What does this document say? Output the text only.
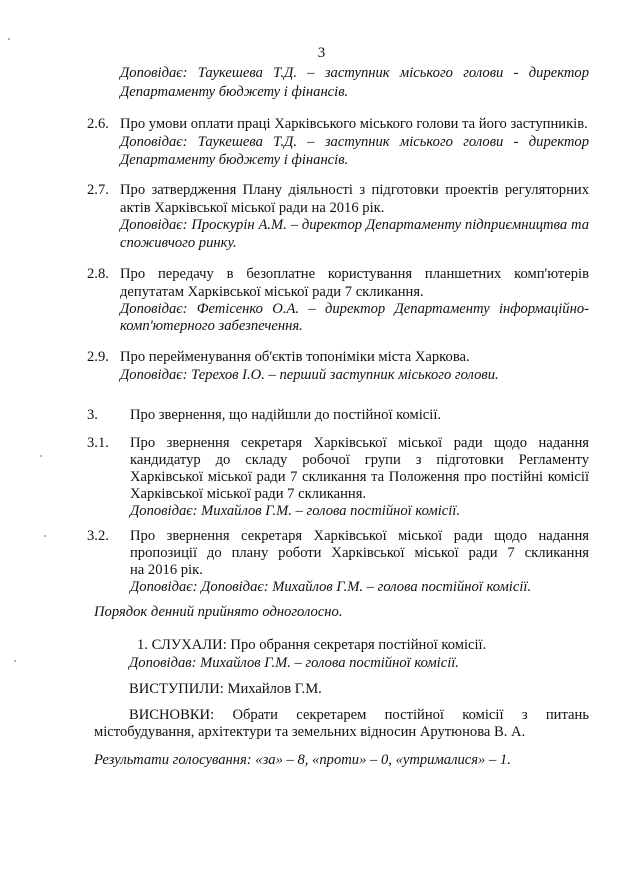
3
Доповідає: Таукешева Т.Д. – заступник міського голови - директор
Департаменту бюджету і фінансів.
2.6. Про умови оплати праці Харківського міського голови та його заступників.
Доповідає: Таукешева Т.Д. – заступник міського голови - директор
Департаменту бюджету і фінансів.
2.7. Про затвердження Плану діяльності з підготовки проектів регуляторних
актів Харківської міської ради на 2016 рік.
Доповідає: Проскурін А.М. – директор Департаменту підприємництва та
споживчого ринку.
2.8. Про передачу в безоплатне користування планшетних комп'ютерів
депутатам Харківської міської ради 7 скликання.
Доповідає: Фетісенко О.А. – директор Департаменту інформаційно-
комп'ютерного забезпечення.
2.9. Про перейменування об'єктів топоніміки міста Харкова.
Доповідає: Терехов І.О. – перший заступник міського голови.
3. Про звернення, що надійшли до постійної комісії.
3.1. Про звернення секретаря Харківської міської ради щодо надання
кандидатур до складу робочої групи з підготовки Регламенту
Харківської міської ради 7 скликання та Положення про постійні комісії
Харківської міської ради 7 скликання.
Доповідає: Михайлов Г.М. – голова постійної комісії.
3.2. Про звернення секретаря Харківської міської ради щодо надання
пропозиції до плану роботи Харківської міської ради 7 скликання
на 2016 рік.
Доповідає: Доповідає: Михайлов Г.М. – голова постійної комісії.
Порядок денний прийнято одноголосно.
1. СЛУХАЛИ: Про обрання секретаря постійної комісії.
Доповідав: Михайлов Г.М. – голова постійної комісії.
ВИСТУПИЛИ: Михайлов Г.М.
ВИСНОВКИ: Обрати секретарем постійної комісії з питань
містобудування, архітектури та земельних відносин Арутюнова В. А.
Результати голосування: «за» – 8, «проти» – 0, «утрималися» – 1.
